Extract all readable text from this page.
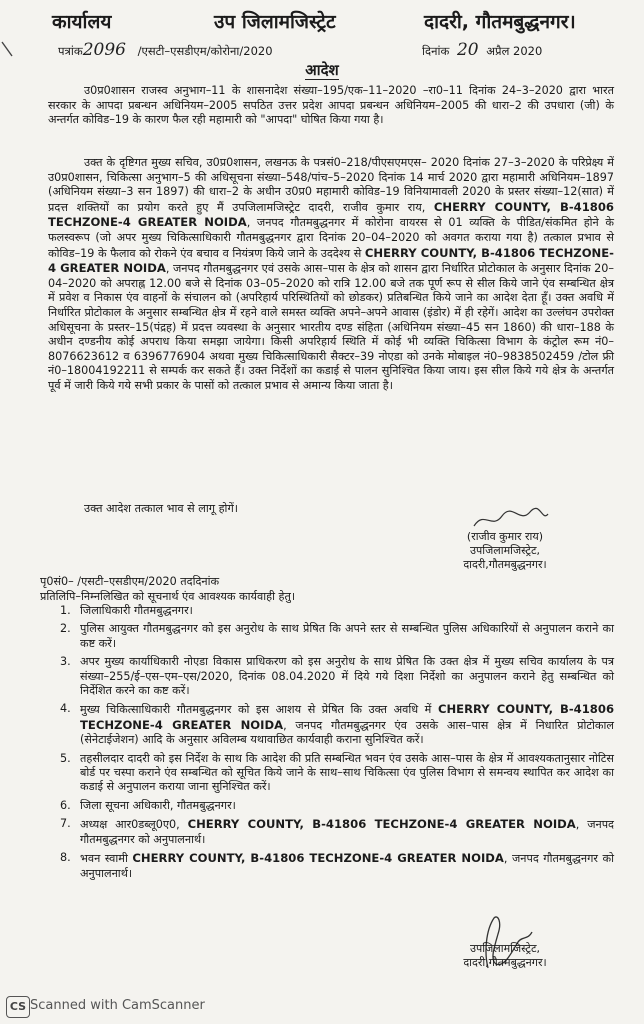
कार्यालय	उप जिलामजिस्ट्रेट	दादरी, गौतमबुद्धनगर।
पत्रांक2096 /एसटी–एसडीएम/कोरोना/2020	दिनांक 20 अप्रैल 2020
आदेश
उ0प्र0शासन राजस्व अनुभाग–11 के शासनादेश संख्या–195/एक–11–2020 –रा0–11 दिनांक 24–3–2020 द्वारा भारत सरकार के आपदा प्रबन्धन अधिनियम–2005 सपठित उत्तर प्रदेश आपदा प्रबन्धन अधिनियम–2005 की धारा–2 की उपधारा (जी) के अन्तर्गत कोविड–19 के कारण फैल रही महामारी को "आपदा" घोषित किया गया है।
उक्त के दृष्टिगत मुख्य सचिव, उ0प्र0शासन, लखनऊ के पत्रसं0–218/पीएसएमएस– 2020 दिनांक 27–3–2020 के परिप्रेक्ष्य में उ0प्र0शासन, चिकित्सा अनुभाग–5 की अधिसूचना संख्या–548/पांच–5–2020 दिनांक 14 मार्च 2020 द्वारा महामारी अधिनियम–1897 (अधिनियम संख्या–3 सन 1897) की धारा–2 के अधीन उ0प्र0 महामारी कोविड–19 विनियामावली 2020 के प्रस्तर संख्या–12(सात) में प्रदत्त शक्तियों का प्रयोग करते हुए मैं उपजिलामजिस्ट्रेट दादरी, राजीव कुमार राय, CHERRY COUNTY, B-41806 TECHZONE-4 GREATER NOIDA, जनपद गौतमबुद्धनगर में कोरोना वायरस से 01 व्यक्ति के पीडित/संकमित होने के फलस्वरूप (जो अपर मुख्य चिकित्साधिकारी गौतमबुद्धनगर द्वारा दिनांक 20–04–2020 को अवगत कराया गया है) तत्काल प्रभाव से कोविड–19 के फैलाव को रोकने एंव बचाव व नियंत्रण किये जाने के उददेश्य से CHERRY COUNTY, B-41806 TECHZONE-4 GREATER NOIDA, जनपद गौतमबुद्धनगर एवं उसके आस–पास के क्षेत्र को शासन द्वारा निर्धारित प्रोटोकाल के अनुसार दिनांक 20–04–2020 को अपराह्न 12.00 बजे से दिनांक 03–05–2020 को रात्रि 12.00 बजे तक पूर्ण रूप से सील किये जाने एंव सम्बन्धित क्षेत्र में प्रवेश व निकास एंव वाहनों के संचालन को (अपरिहार्य परिस्थितियों को छोडकर) प्रतिबन्धित किये जाने का आदेश देता हूँ। उक्त अवधि में निर्धारित प्रोटोकाल के अनुसार सम्बन्धित क्षेत्र में रहने वाले समस्त व्यक्ति अपने–अपने आवास (इंडोर) में ही रहेगें। आदेश का उल्लंघन उपरोक्त अधिसूचना के प्रस्तर–15(पंद्रह) में प्रदत्त व्यवस्था के अनुसार भारतीय दण्ड संहिता (अधिनियम संख्या–45 सन 1860) की धारा–188 के अधीन दण्डनीय कोई अपराध किया समझा जायेगा। किसी अपरिहार्य स्थिति में कोई भी व्यक्ति चिकित्सा विभाग के कंट्रोल रूम नं0–8076623612 व 6396776904 अथवा मुख्य चिकित्साधिकारी सैक्टर–39 नोएडा को उनके मोबाइल नं0–9838502459 /टोल फ्री नं0–18004192211 से सम्पर्क कर सकते हैं। उक्त निर्देशों का कडाई से पालन सुनिश्चित किया जाय। इस सील किये गये क्षेत्र के अन्तर्गत पूर्व में जारी किये गये सभी प्रकार के पासों को तत्काल प्रभाव से अमान्य किया जाता है।
उक्त आदेश तत्काल भाव से लागू होगें।
(राजीव कुमार राय)
उपजिलामजिस्ट्रेट,
दादरी,गौतमबुद्धनगर।
पृ0सं0– /एसटी–एसडीएम/2020 तददिनांक
प्रतिलिपि–निम्नलिखित को सूचनार्थ एंव आवश्यक कार्यवाही हेतु।
1. जिलाधिकारी गौतमबुद्धनगर।
2. पुलिस आयुक्त गौतमबुद्धनगर को इस अनुरोध के साथ प्रेषित कि अपने स्तर से सम्बन्धित पुलिस अधिकारियों से अनुपालन कराने का कष्ट करें।
3. अपर मुख्य कार्याधिकारी नोएडा विकास प्राधिकरण को इस अनुरोध के साथ प्रेषित कि उक्त क्षेत्र में मुख्य सचिव कार्यालय के पत्र संख्या–255/ई–एस–एम–एस/2020, दिनांक 08.04.2020 में दिये गये दिशा निर्देशो का अनुपालन कराने हेतु सम्बन्धित को निर्देशित करने का कष्ट करें।
4. मुख्य चिकित्साधिकारी गौतमबुद्धनगर को इस आशय से प्रेषित कि उक्त अवधि में CHERRY COUNTY, B-41806 TECHZONE-4 GREATER NOIDA, जनपद गौतमबुद्धनगर एंव उसके आस–पास क्षेत्र में निधारित प्रोटोकाल (सेनेटाईजेशन) आदि के अनुसार अविलम्ब यथावाछित कार्यवाही कराना सुनिश्चित करें।
5. तहसीलदार दादरी को इस निर्देश के साथ कि आदेश की प्रति सम्बन्धित भवन एंव उसके आस–पास के क्षेत्र में आवश्यकतानुसार नोटिस बोर्ड पर चस्पा कराने एंव सम्बन्धित को सूचित किये जाने के साथ–साथ चिकित्सा एंव पुलिस विभाग से समन्वय स्थापित कर आदेश का कडाई से अनुपालन कराया जाना सुनिश्चित करें।
6. जिला सूचना अधिकारी, गौतमबुद्धनगर।
7. अध्यक्ष आर0डब्लू0ए0, CHERRY COUNTY, B-41806 TECHZONE-4 GREATER NOIDA, जनपद गौतमबुद्धनगर को अनुपालनार्थ।
8. भवन स्वामी CHERRY COUNTY, B-41806 TECHZONE-4 GREATER NOIDA, जनपद गौतमबुद्धनगर को अनुपालनार्थ।
उपजिलामजिस्ट्रेट,
दादरी,गौतमबुद्धनगर।
CS Scanned with CamScanner
